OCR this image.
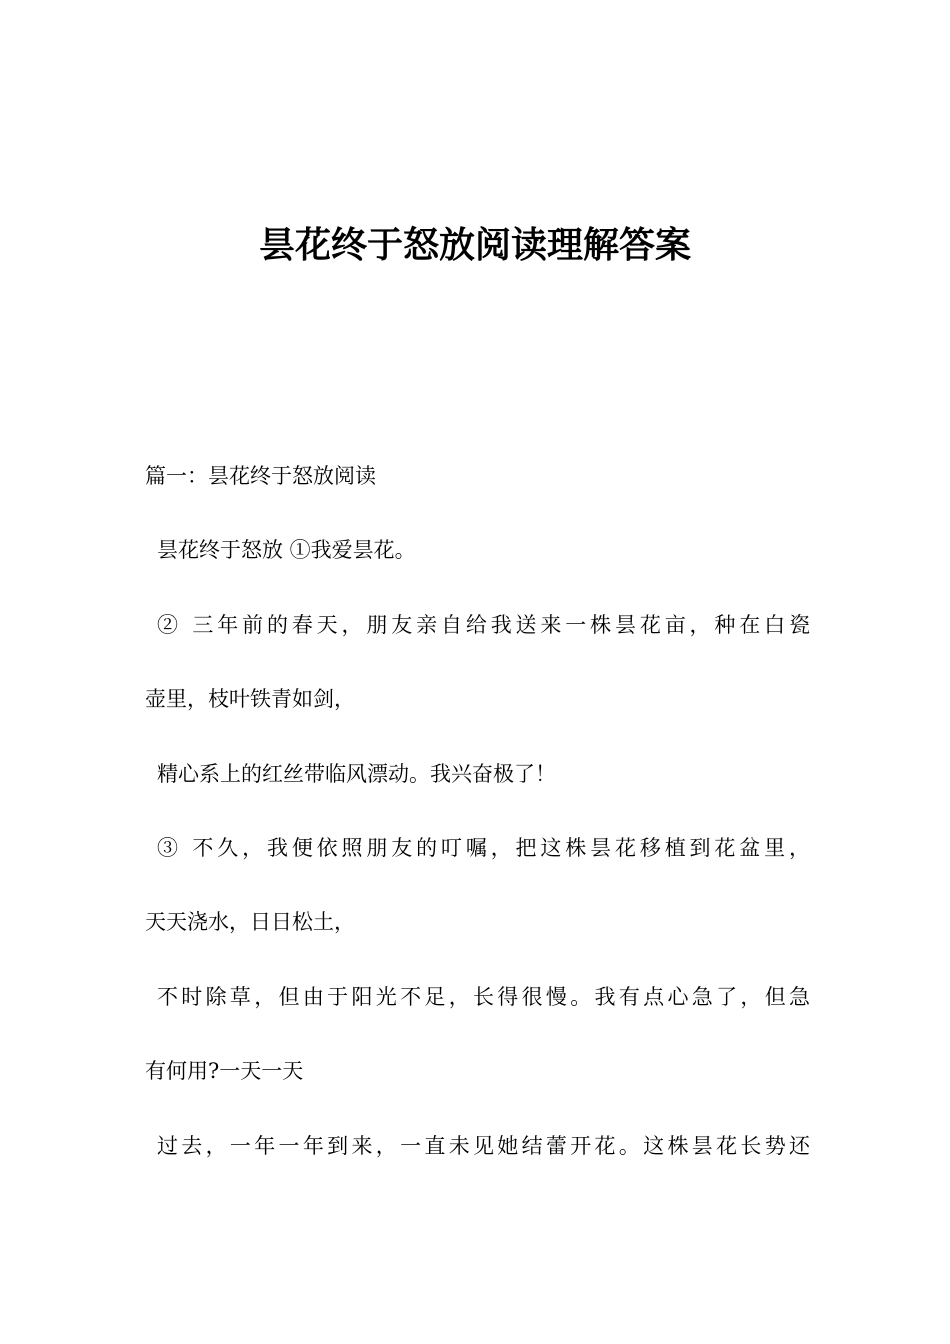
昙花终于怒放阅读理解答案

篇一：昙花终于怒放阅读

昙花终于怒放 ①我爱昙花。

② 三年前的春天，朋友亲自给我送来一株昙花亩，种在白瓷

壶里，枝叶铁青如剑，

精心系上的红丝带临风漂动。我兴奋极了！

③ 不久，我便依照朋友的叮嘱，把这株昙花移植到花盆里，

天天浇水，日日松土，

不时除草，但由于阳光不足，长得很慢。我有点心急了，但急

有何用?一天一天

过去，一年一年到来，一直未见她结蕾开花。这株昙花长势还
